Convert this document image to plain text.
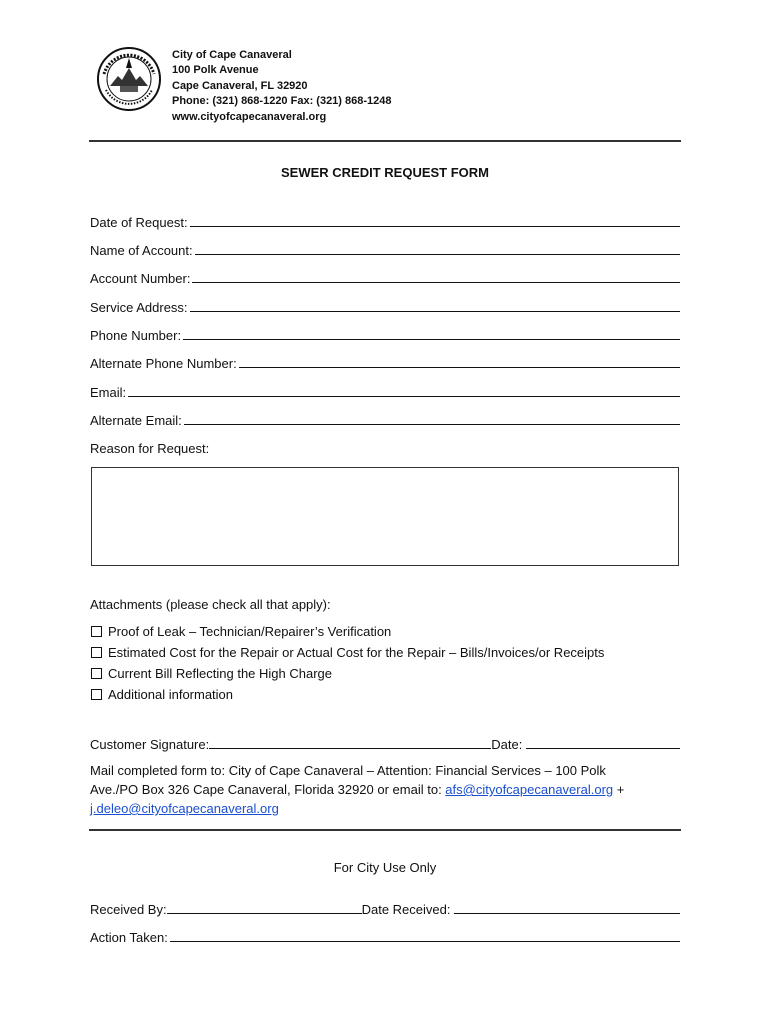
City of Cape Canaveral
100 Polk Avenue
Cape Canaveral, FL 32920
Phone: (321) 868-1220 Fax: (321) 868-1248
www.cityofcapecanaveral.org
SEWER CREDIT REQUEST FORM
Date of Request:
Name of Account:
Account Number:
Service Address:
Phone Number:
Alternate Phone Number:
Email:
Alternate Email:
Reason for Request:
Attachments (please check all that apply):
Proof of Leak – Technician/Repairer’s Verification
Estimated Cost for the Repair or Actual Cost for the Repair – Bills/Invoices/or Receipts
Current Bill Reflecting the High Charge
Additional information
Customer Signature:	Date:
Mail completed form to: City of Cape Canaveral – Attention: Financial Services – 100 Polk
Ave./PO Box 326 Cape Canaveral, Florida 32920 or email to: afs@cityofcapecanaveral.org +
j.deleo@cityofcapecanaveral.org
For City Use Only
Received By:	Date Received:
Action Taken:
